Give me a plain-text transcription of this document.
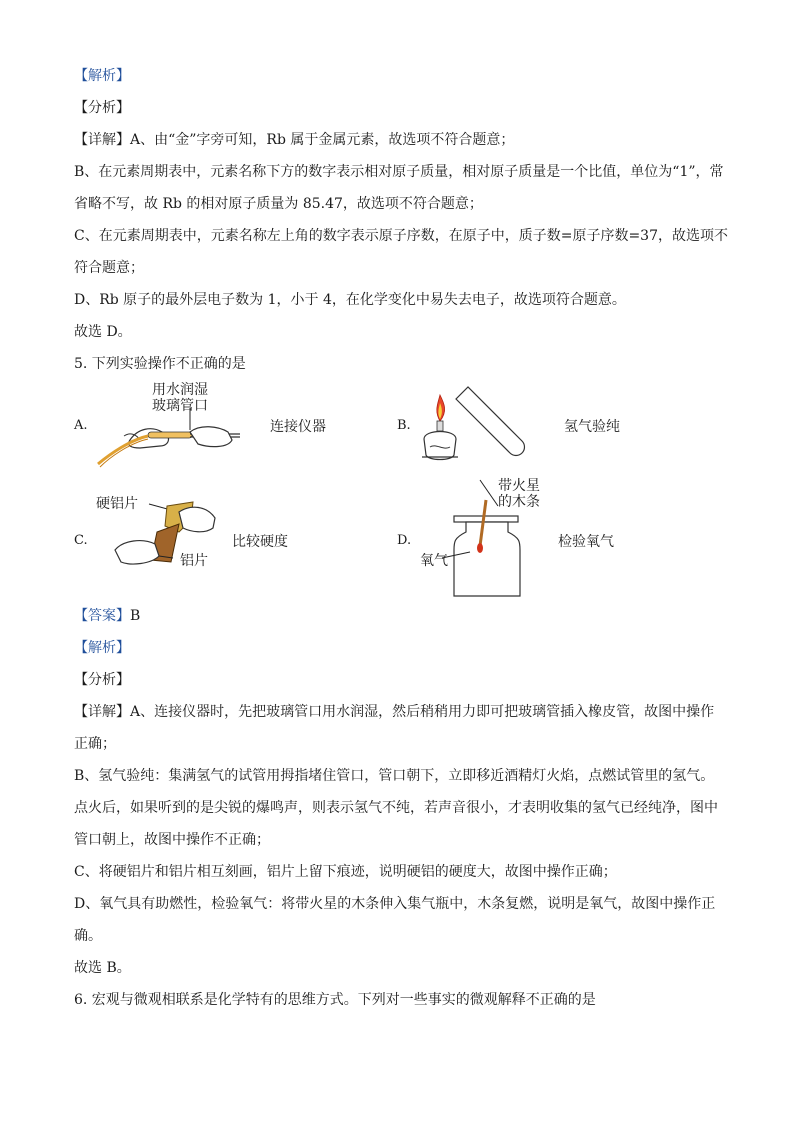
【解析】
【分析】
【详解】A、由“金”字旁可知，Rb 属于金属元素，故选项不符合题意；
B、在元素周期表中，元素名称下方的数字表示相对原子质量，相对原子质量是一个比值，单位为“1”，常
省略不写，故 Rb 的相对原子质量为 85.47，故选项不符合题意；
C、在元素周期表中，元素名称左上角的数字表示原子序数，在原子中，质子数=原子序数=37，故选项不
符合题意；
D、Rb 原子的最外层电子数为 1，小于 4，在化学变化中易失去电子，故选项符合题意。
故选 D。
5. 下列实验操作不正确的是
A.
用水润湿
玻璃管口
连接仪器	B.	氢气验纯
硬铝片
C.
铝片
比较硬度	D.
带火星
的木条
氧气
检验氧气
【答案】B
【解析】
【分析】
【详解】A、连接仪器时，先把玻璃管口用水润湿，然后稍稍用力即可把玻璃管插入橡皮管，故图中操作
正确；
B、氢气验纯：集满氢气的试管用拇指堵住管口，管口朝下，立即移近酒精灯火焰，点燃试管里的氢气。
点火后，如果听到的是尖锐的爆鸣声，则表示氢气不纯，若声音很小，才表明收集的氢气已经纯净，图中
管口朝上，故图中操作不正确；
C、将硬铝片和铝片相互刻画，铝片上留下痕迹，说明硬铝的硬度大，故图中操作正确；
D、氧气具有助燃性，检验氧气：将带火星的木条伸入集气瓶中，木条复燃，说明是氧气，故图中操作正
确。
故选 B。
6. 宏观与微观相联系是化学特有的思维方式。下列对一些事实的微观解释不正确的是
